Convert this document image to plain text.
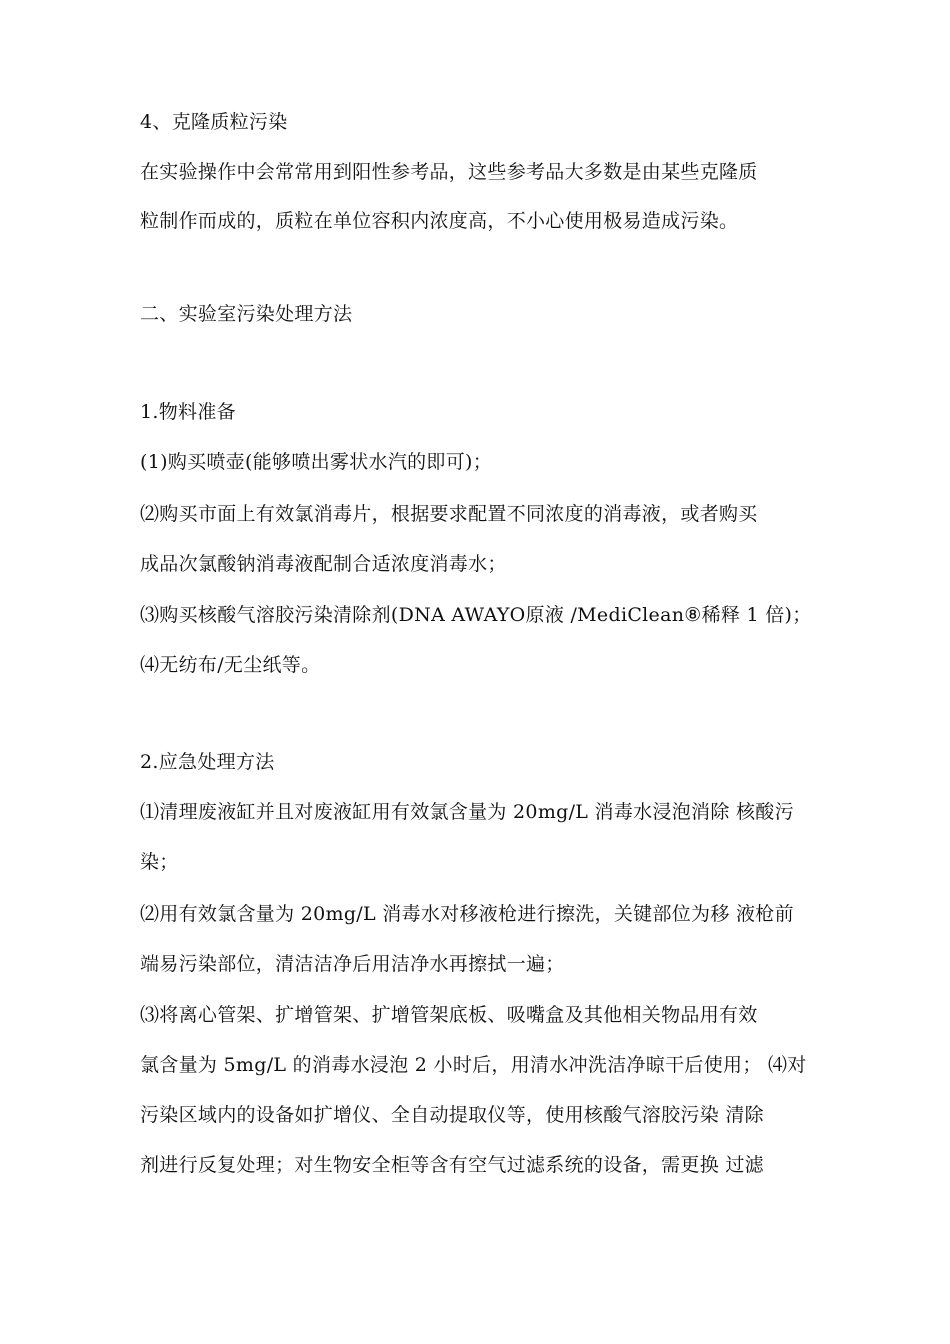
4、克隆质粒污染
在实验操作中会常常用到阳性参考品，这些参考品大多数是由某些克隆质
粒制作而成的，质粒在单位容积内浓度高，不小心使用极易造成污染。
二、实验室污染处理方法
1.物料准备
(1)购买喷壶(能够喷出雾状水汽的即可)；
⑵购买市面上有效氯消毒片，根据要求配置不同浓度的消毒液，或者购买
成品次氯酸钠消毒液配制合适浓度消毒水；
⑶购买核酸气溶胶污染清除剂(DNA AWAYO原液 /MediClean⑧稀释 1 倍)；
⑷无纺布/无尘纸等。
2.应急处理方法
⑴清理废液缸并且对废液缸用有效氯含量为 20mg/L 消毒水浸泡消除 核酸污
染；
⑵用有效氯含量为 20mg/L 消毒水对移液枪进行擦洗，关键部位为移 液枪前
端易污染部位，清洁洁净后用洁净水再擦拭一遍；
⑶将离心管架、扩增管架、扩增管架底板、吸嘴盒及其他相关物品用有效
氯含量为 5mg/L 的消毒水浸泡 2 小时后，用清水冲洗洁净晾干后使用； ⑷对
污染区域内的设备如扩增仪、全自动提取仪等，使用核酸气溶胶污染 清除
剂进行反复处理；对生物安全柜等含有空气过滤系统的设备，需更换 过滤
